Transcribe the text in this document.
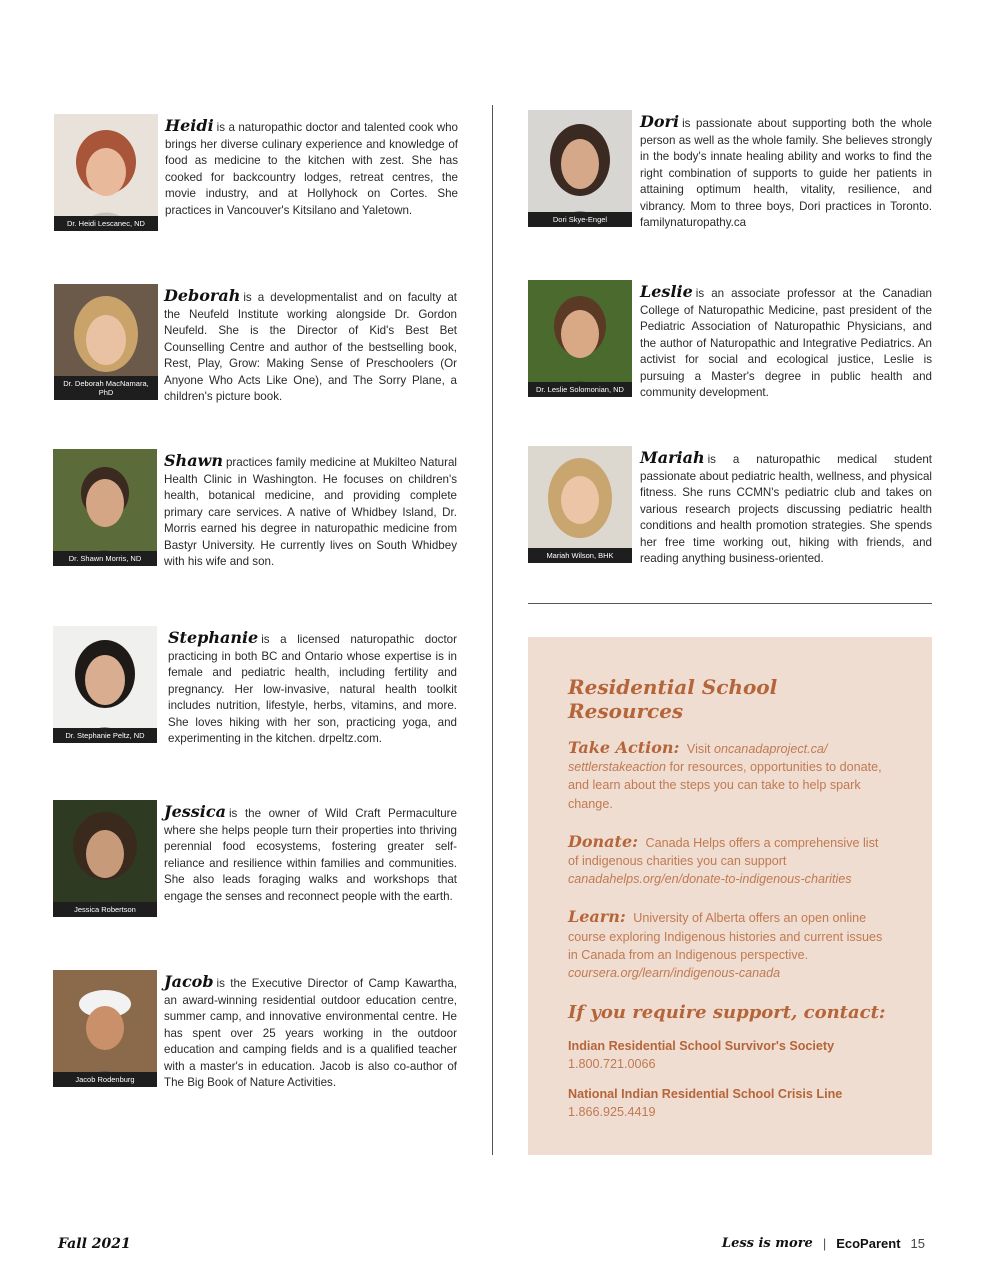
Dr. Heidi Lescanec, ND
Heidi is a naturopathic doctor and talented cook who brings her diverse culinary experience and knowledge of food as medicine to the kitchen with zest. She has cooked for backcountry lodges, retreat centres, the movie industry, and at Hollyhock on Cortes. She practices in Vancouver's Kitsilano and Yaletown.
Dr. Deborah MacNamara, PhD
Deborah is a developmentalist and on faculty at the Neufeld Institute working alongside Dr. Gordon Neufeld. She is the Director of Kid's Best Bet Counselling Centre and author of the bestselling book, Rest, Play, Grow: Making Sense of Preschoolers (Or Anyone Who Acts Like One), and The Sorry Plane, a children's picture book.
Dr. Shawn Morris, ND
Shawn practices family medicine at Mukilteo Natural Health Clinic in Washington. He focuses on children's health, botanical medicine, and providing complete primary care services. A native of Whidbey Island, Dr. Morris earned his degree in naturopathic medicine from Bastyr University. He currently lives on South Whidbey with his wife and son.
Dr. Stephanie Peltz, ND
Stephanie is a licensed naturopathic doctor practicing in both BC and Ontario whose expertise is in female and pediatric health, including fertility and pregnancy. Her low-invasive, natural health toolkit includes nutrition, lifestyle, herbs, vitamins, and more. She loves hiking with her son, practicing yoga, and experimenting in the kitchen. drpeltz.com.
Jessica Robertson
Jessica is the owner of Wild Craft Permaculture where she helps people turn their properties into thriving perennial food ecosystems, fostering greater self-reliance and resilience within families and communities. She also leads foraging walks and workshops that engage the senses and reconnect people with the earth.
Jacob Rodenburg
Jacob is the Executive Director of Camp Kawartha, an award-winning residential outdoor education centre, summer camp, and innovative environmental centre. He has spent over 25 years working in the outdoor education and camping fields and is a qualified teacher with a master's in education. Jacob is also co-author of The Big Book of Nature Activities.
Dori Skye-Engel
Dori is passionate about supporting both the whole person as well as the whole family. She believes strongly in the body's innate healing ability and works to find the right combination of supports to guide her patients in attaining optimum health, vitality, resilience, and vibrancy. Mom to three boys, Dori practices in Toronto. familynaturopathy.ca
Dr. Leslie Solomonian, ND
Leslie is an associate professor at the Canadian College of Naturopathic Medicine, past president of the Pediatric Association of Naturopathic Physicians, and the author of Naturopathic and Integrative Pediatrics. An activist for social and ecological justice, Leslie is pursuing a Master's degree in public health and community development.
Mariah Wilson, BHK
Mariah is a naturopathic medical student passionate about pediatric health, wellness, and physical fitness. She runs CCMN's pediatric club and takes on various research projects discussing pediatric health conditions and health promotion strategies. She spends her free time working out, hiking with friends, and reading anything business-oriented.
Residential School Resources
Take Action: Visit oncanadaproject.ca/ settlerstakeaction for resources, opportunities to donate, and learn about the steps you can take to help spark change.
Donate: Canada Helps offers a comprehensive list of indigenous charities you can support
canadahelps.org/en/donate-to-indigenous-charities
Learn: University of Alberta offers an open online course exploring Indigenous histories and current issues in Canada from an Indigenous perspective.
coursera.org/learn/indigenous-canada
If you require support, contact:
Indian Residential School Survivor's Society
1.800.721.0066
National Indian Residential School Crisis Line
1.866.925.4419
Fall 2021	Less is more | EcoParent 15
